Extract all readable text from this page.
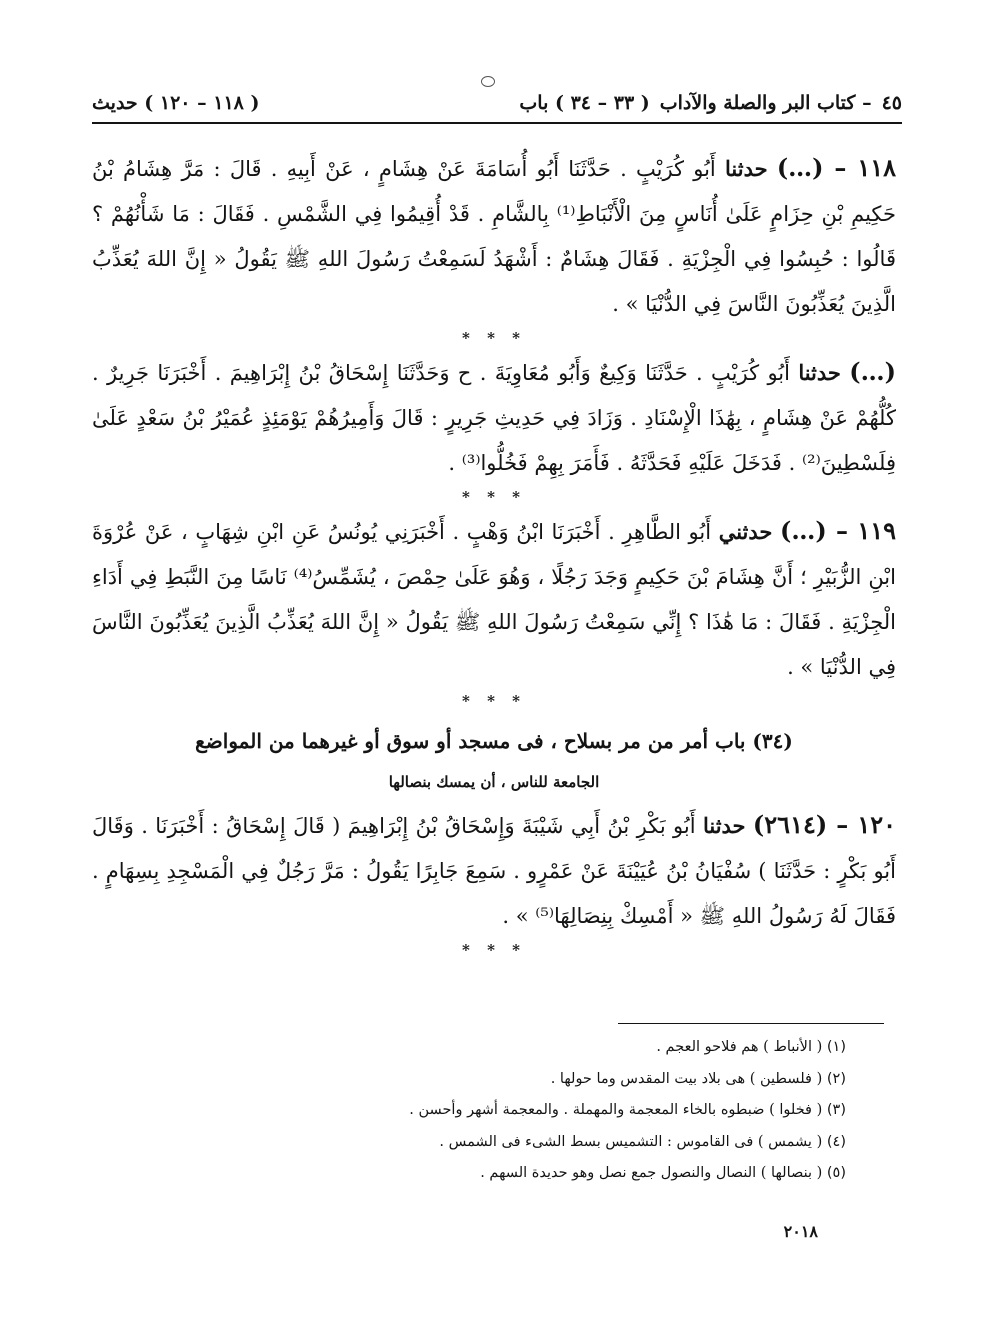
٤٥
– كتاب البر والصلة والآداب
( ٣٣ – ٣٤ ) باب
( ١١٨ – ١٢٠ ) حديث

١١٨ – (…) حدثنا أَبُو كُرَيْبٍ . حَدَّثَنَا أَبُو أُسَامَةَ عَنْ هِشَامٍ ، عَنْ أَبِيهِ . قَالَ : مَرَّ هِشَامُ بْنُ حَكِيمِ بْنِ حِزَامٍ عَلَىٰ أُنَاسٍ مِنَ الْأَنْبَاطِ⁽¹⁾ بِالشَّامِ . قَدْ أُقِيمُوا فِي الشَّمْسِ . فَقَالَ : مَا شَأْنُهُمْ ؟ قَالُوا : حُبِسُوا فِي الْجِزْيَةِ . فَقَالَ هِشَامٌ : أَشْهَدُ لَسَمِعْتُ رَسُولَ اللهِ ﷺ يَقُولُ « إِنَّ اللهَ يُعَذِّبُ الَّذِينَ يُعَذِّبُونَ النَّاسَ فِي الدُّنْيَا » .

* * *

(…) حدثنا أَبُو كُرَيْبٍ . حَدَّثَنَا وَكِيعٌ وَأَبُو مُعَاوِيَةَ . ح وَحَدَّثَنَا إِسْحَاقُ بْنُ إِبْرَاهِيمَ . أَخْبَرَنَا جَرِيرٌ . كُلُّهُمْ عَنْ هِشَامٍ ، بِهَٰذَا الْإِسْنَادِ . وَزَادَ فِي حَدِيثِ جَرِيرٍ : قَالَ وَأَمِيرُهُمْ يَوْمَئِذٍ عُمَيْرُ بْنُ سَعْدٍ عَلَىٰ فِلَسْطِينَ⁽²⁾ . فَدَخَلَ عَلَيْهِ فَحَدَّثَهُ . فَأَمَرَ بِهِمْ فَخُلُّوا⁽³⁾ .

* * *

١١٩ – (…) حدثني أَبُو الطَّاهِرِ . أَخْبَرَنَا ابْنُ وَهْبٍ . أَخْبَرَنِي يُونُسُ عَنِ ابْنِ شِهَابٍ ، عَنْ عُرْوَةَ ابْنِ الزُّبَيْرِ ؛ أَنَّ هِشَامَ بْنَ حَكِيمٍ وَجَدَ رَجُلًا ، وَهُوَ عَلَىٰ حِمْصَ ، يُشَمِّسُ⁽⁴⁾ نَاسًا مِنَ النَّبَطِ فِي أَدَاءِ الْجِزْيَةِ . فَقَالَ : مَا هَٰذَا ؟ إِنِّي سَمِعْتُ رَسُولَ اللهِ ﷺ يَقُولُ « إِنَّ اللهَ يُعَذِّبُ الَّذِينَ يُعَذِّبُونَ النَّاسَ فِي الدُّنْيَا » .

* * *

(٣٤) باب أمر من مر بسلاح ، فى مسجد أو سوق أو غيرهما من المواضع

الجامعة للناس ، أن يمسك بنصالها

١٢٠ – (٢٦١٤) حدثنا أَبُو بَكْرِ بْنُ أَبِي شَيْبَةَ وَإِسْحَاقُ بْنُ إِبْرَاهِيمَ ( قَالَ إِسْحَاقُ : أَخْبَرَنَا . وَقَالَ أَبُو بَكْرٍ : حَدَّثَنَا ) سُفْيَانُ بْنُ عُيَيْنَةَ عَنْ عَمْرٍو . سَمِعَ جَابِرًا يَقُولُ : مَرَّ رَجُلٌ فِي الْمَسْجِدِ بِسِهَامٍ . فَقَالَ لَهُ رَسُولُ اللهِ ﷺ « أَمْسِكْ بِنِصَالِهَا⁽⁵⁾ » .

* * *

(١) ( الأنباط ) هم فلاحو العجم .
(٢) ( فلسطين ) هى بلاد بيت المقدس وما حولها .
(٣) ( فخلوا ) ضبطوه بالخاء المعجمة والمهملة . والمعجمة أشهر وأحسن .
(٤) ( يشمس ) فى القاموس : التشميس بسط الشىء فى الشمس .
(٥) ( بنصالها ) النصال والنصول جمع نصل وهو حديدة السهم .
٢٠١٨
